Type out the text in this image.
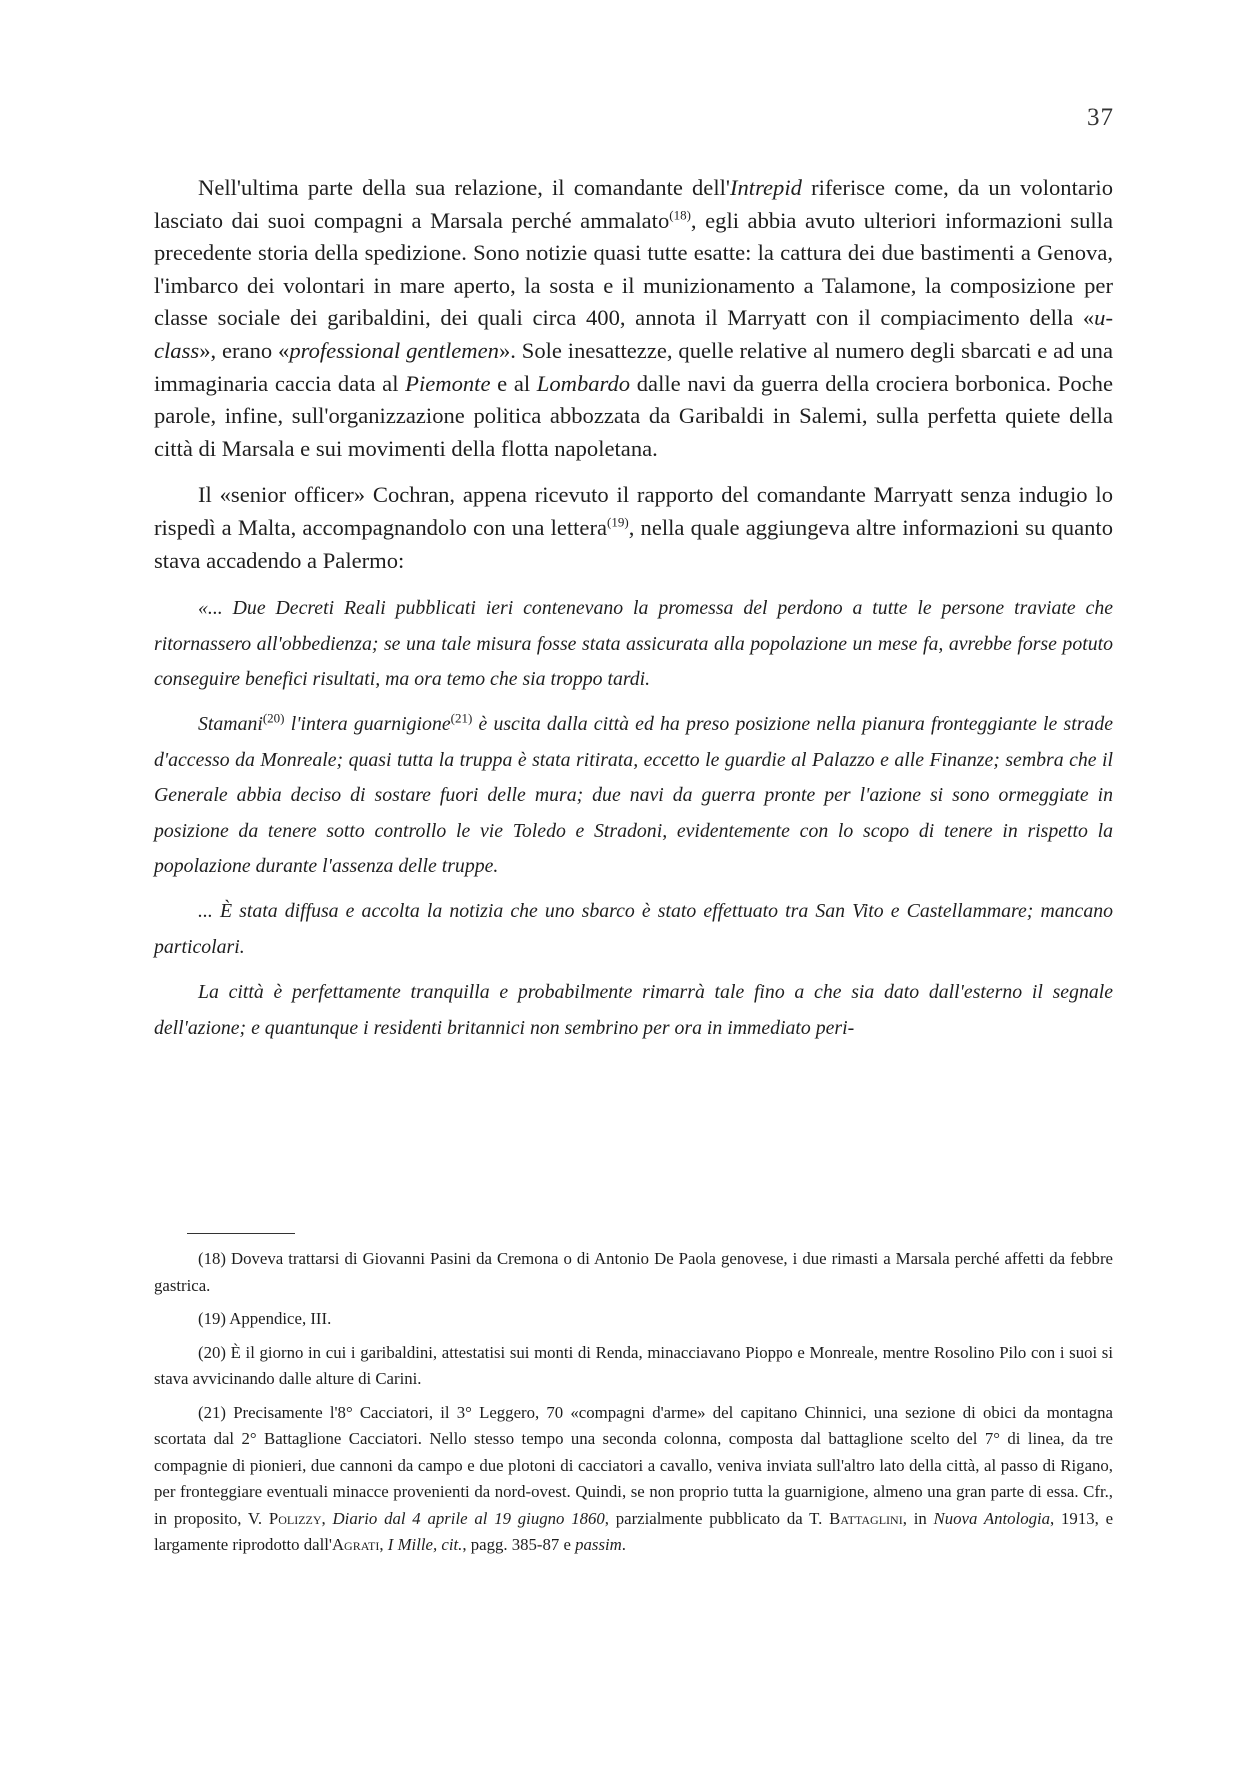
37

Nell'ultima parte della sua relazione, il comandante dell'Intrepid riferisce come, da un volontario lasciato dai suoi compagni a Marsala perché ammalato$^{(18)}$, egli abbia avuto ulteriori informazioni sulla precedente storia della spedizione. Sono notizie quasi tutte esatte: la cattura dei due bastimenti a Genova, l'imbarco dei volontari in mare aperto, la sosta e il munizionamento a Talamone, la composizione per classe sociale dei garibaldini, dei quali circa 400, annota il Marryatt con il compiacimento della «u-class», erano «professional gentlemen». Sole inesattezze, quelle relative al numero degli sbarcati e ad una immaginaria caccia data al Piemonte e al Lombardo dalle navi da guerra della crociera borbonica. Poche parole, infine, sull'organizzazione politica abbozzata da Garibaldi in Salemi, sulla perfetta quiete della città di Marsala e sui movimenti della flotta napoletana.

Il «senior officer» Cochran, appena ricevuto il rapporto del comandante Marryatt senza indugio lo rispedì a Malta, accompagnandolo con una lettera$^{(19)}$, nella quale aggiungeva altre informazioni su quanto stava accadendo a Palermo:

«... Due Decreti Reali pubblicati ieri contenevano la promessa del perdono a tutte le persone traviate che ritornassero all'obbedienza; se una tale misura fosse stata assicurata alla popolazione un mese fa, avrebbe forse potuto conseguire benefici risultati, ma ora temo che sia troppo tardi.

Stamani$^{(20)}$ l'intera guarnigione$^{(21)}$ è uscita dalla città ed ha preso posizione nella pianura fronteggiante le strade d'accesso da Monreale; quasi tutta la truppa è stata ritirata, eccetto le guardie al Palazzo e alle Finanze; sembra che il Generale abbia deciso di sostare fuori delle mura; due navi da guerra pronte per l'azione si sono ormeggiate in posizione da tenere sotto controllo le vie Toledo e Stradoni, evidentemente con lo scopo di tenere in rispetto la popolazione durante l'assenza delle truppe.

... È stata diffusa e accolta la notizia che uno sbarco è stato effettuato tra San Vito e Castellammare; mancano particolari.

La città è perfettamente tranquilla e probabilmente rimarrà tale fino a che sia dato dall'esterno il segnale dell'azione; e quantunque i residenti britannici non sembrino per ora in immediato peri-

(18) Doveva trattarsi di Giovanni Pasini da Cremona o di Antonio De Paola genovese, i due rimasti a Marsala perché affetti da febbre gastrica.

(19) Appendice, III.

(20) È il giorno in cui i garibaldini, attestatisi sui monti di Renda, minacciavano Pioppo e Monreale, mentre Rosolino Pilo con i suoi si stava avvicinando dalle alture di Carini.

(21) Precisamente l'8° Cacciatori, il 3° Leggero, 70 «compagni d'arme» del capitano Chinnici, una sezione di obici da montagna scortata dal 2° Battaglione Cacciatori. Nello stesso tempo una seconda colonna, composta dal battaglione scelto del 7° di linea, da tre compagnie di pionieri, due cannoni da campo e due plotoni di cacciatori a cavallo, veniva inviata sull'altro lato della città, al passo di Rigano, per fronteggiare eventuali minacce provenienti da nord-ovest. Quindi, se non proprio tutta la guarnigione, almeno una gran parte di essa. Cfr., in proposito, V. Polizzy, Diario dal 4 aprile al 19 giugno 1860, parzialmente pubblicato da T. Battaglini, in Nuova Antologia, 1913, e largamente riprodotto dall'Agrati, I Mille, cit., pagg. 385-87 e passim.
